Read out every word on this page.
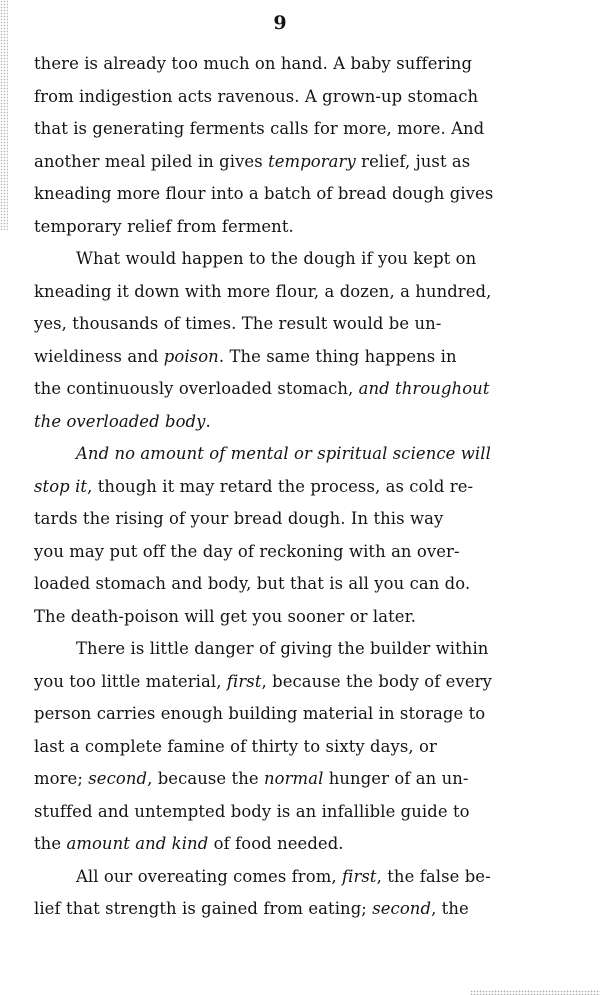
9
there is already too much on hand. A baby suffering
from indigestion acts ravenous. A grown-up stomach
that is generating ferments calls for more, more. And
another meal piled in gives temporary relief, just as
kneading more flour into a batch of bread dough gives
temporary relief from ferment.
What would happen to the dough if you kept on
kneading it down with more flour, a dozen, a hundred,
yes, thousands of times. The result would be un-
wieldiness and poison. The same thing happens in
the continuously overloaded stomach, and throughout
the overloaded body.
And no amount of mental or spiritual science will
stop it, though it may retard the process, as cold re-
tards the rising of your bread dough. In this way
you may put off the day of reckoning with an over-
loaded stomach and body, but that is all you can do.
The death-poison will get you sooner or later.
There is little danger of giving the builder within
you too little material, first, because the body of every
person carries enough building material in storage to
last a complete famine of thirty to sixty days, or
more; second, because the normal hunger of an un-
stuffed and untempted body is an infallible guide to
the amount and kind of food needed.
All our overeating comes from, first, the false be-
lief that strength is gained from eating; second, the
